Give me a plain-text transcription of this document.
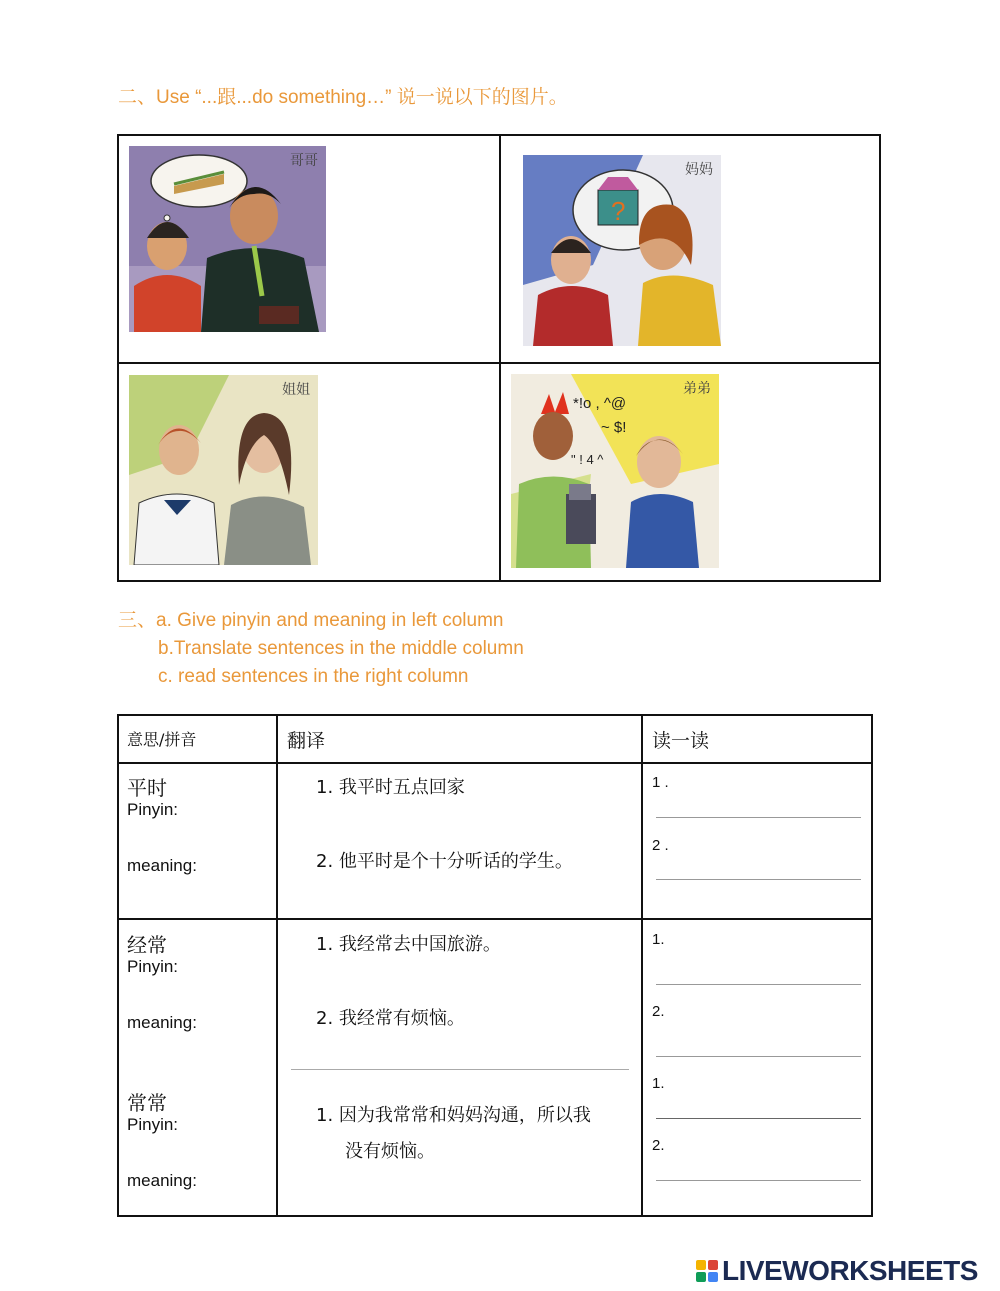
二、Use “...跟...do something…” 说一说以下的图片。
哥哥
?
妈妈
姐姐
*!o , ^@
~ $!
" ! 4 ^
弟弟
三、a. Give pinyin and meaning in left column
b.Translate sentences in the middle column
c. read sentences in the right column
意思/拼音	翻译	读一读
平时
Pinyin:
meaning:
1. 我平时五点回家
2. 他平时是个十分听话的学生。
1 .
2 .
经常
Pinyin:
meaning:
常常
Pinyin:
meaning:
1. 我经常去中国旅游。
2. 我经常有烦恼。
1. 因为我常常和妈妈沟通，所以我
没有烦恼。
1.
2.
1.
2.
LIVEWORKSHEETS
